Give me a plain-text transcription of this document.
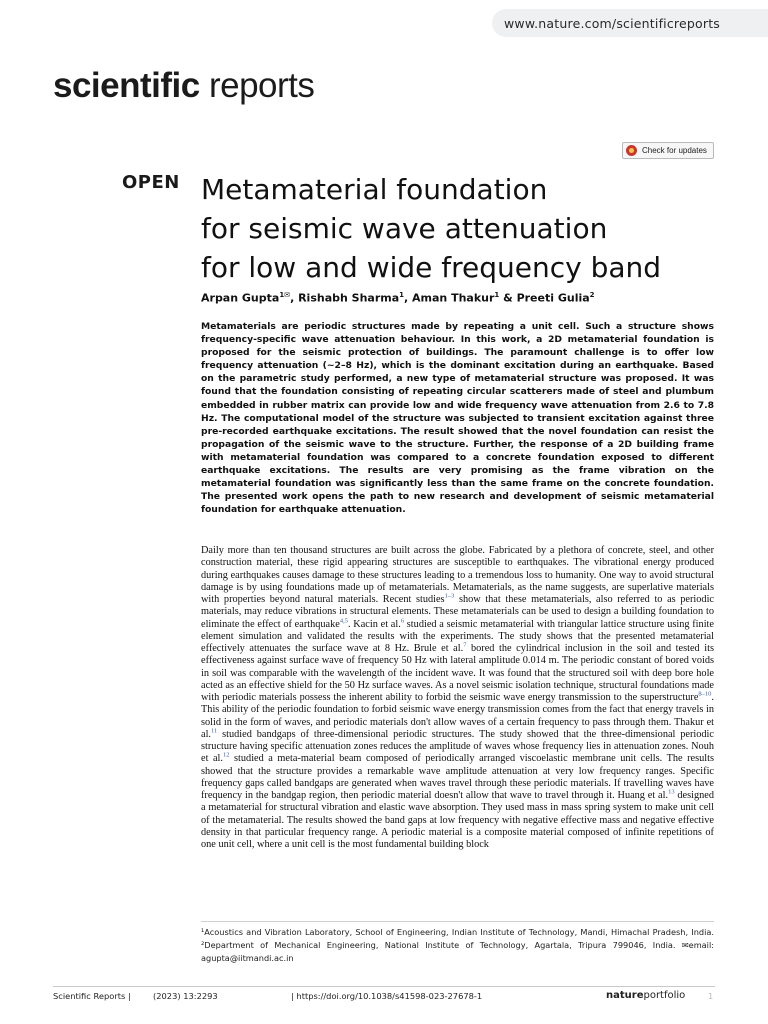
www.nature.com/scientificreports
scientific reports
Check for updates
OPEN Metamaterial foundation
for seismic wave attenuation
for low and wide frequency band
Arpan Gupta$^{1✉}$, Rishabh Sharma$^1$, Aman Thakur$^1$ & Preeti Gulia$^2$

Metamaterials are periodic structures made by repeating a unit cell. Such a structure shows frequency-specific wave attenuation behaviour. In this work, a 2D metamaterial foundation is proposed for the seismic protection of buildings. The paramount challenge is to offer low frequency attenuation (~2–8 Hz), which is the dominant excitation during an earthquake. Based on the parametric study performed, a new type of metamaterial structure was proposed. It was found that the foundation consisting of repeating circular scatterers made of steel and plumbum embedded in rubber matrix can provide low and wide frequency wave attenuation from 2.6 to 7.8 Hz. The computational model of the structure was subjected to transient excitation against three pre-recorded earthquake excitations. The result showed that the novel foundation can resist the propagation of the seismic wave to the structure. Further, the response of a 2D building frame with metamaterial foundation was compared to a concrete foundation exposed to different earthquake excitations. The results are very promising as the frame vibration on the metamaterial foundation was significantly less than the same frame on the concrete foundation. The presented work opens the path to new research and development of seismic metamaterial foundation for earthquake attenuation.

Daily more than ten thousand structures are built across the globe. Fabricated by a plethora of concrete, steel, and other construction material, these rigid appearing structures are susceptible to earthquakes. The vibrational energy produced during earthquakes causes damage to these structures leading to a tremendous loss to humanity. One way to avoid structural damage is by using foundations made up of metamaterials. Metamaterials, as the name suggests, are superlative materials with properties beyond natural materials. Recent studies$^{1-3}$ show that these metamaterials, also referred to as periodic materials, may reduce vibrations in structural elements. These metamaterials can be used to design a building foundation to eliminate the effect of earthquake$^{4,5}$. Kacin et al.$^6$ studied a seismic metamaterial with triangular lattice structure using finite element simulation and validated the results with the experiments. The study shows that the presented metamaterial effectively attenuates the surface wave at 8 Hz. Brule et al.$^7$ bored the cylindrical inclusion in the soil and tested its effectiveness against surface wave of frequency 50 Hz with lateral amplitude 0.014 m. The periodic constant of bored voids in soil was comparable with the wavelength of the incident wave. It was found that the structured soil with deep bore hole acted as an effective shield for the 50 Hz surface waves. As a novel seismic isolation technique, structural foundations made with periodic materials possess the inherent ability to forbid the seismic wave energy transmission to the superstructure$^{8-10}$. This ability of the periodic foundation to forbid seismic wave energy transmission comes from the fact that energy travels in solid in the form of waves, and periodic materials don't allow waves of a certain frequency to pass through them. Thakur et al.$^{11}$ studied bandgaps of three-dimensional periodic structures. The study showed that the three-dimensional periodic structure having specific attenuation zones reduces the amplitude of waves whose frequency lies in attenuation zones. Nouh et al.$^{12}$ studied a meta-material beam composed of periodically arranged viscoelastic membrane unit cells. The results showed that the structure provides a remarkable wave amplitude attenuation at very low frequency ranges. Specific frequency gaps called bandgaps are generated when waves travel through these periodic materials. If travelling waves have frequency in the bandgap region, then periodic material doesn't allow that wave to travel through it. Huang et al.$^{13}$ designed a metamaterial for structural vibration and elastic wave absorption. They used mass in mass spring system to make unit cell of the metamaterial. The results showed the band gaps at low frequency with negative effective mass and negative effective density in that particular frequency range. A periodic material is a composite material composed of infinite repetitions of one unit cell, where a unit cell is the most fundamental building block

¹Acoustics and Vibration Laboratory, School of Engineering, Indian Institute of Technology, Mandi, Himachal Pradesh, India. ²Department of Mechanical Engineering, National Institute of Technology, Agartala, Tripura 799046, India. ✉email: agupta@iitmandi.ac.in

Scientific Reports |	(2023) 13:2293	| https://doi.org/10.1038/s41598-023-27678-1	natureportfolio	1
